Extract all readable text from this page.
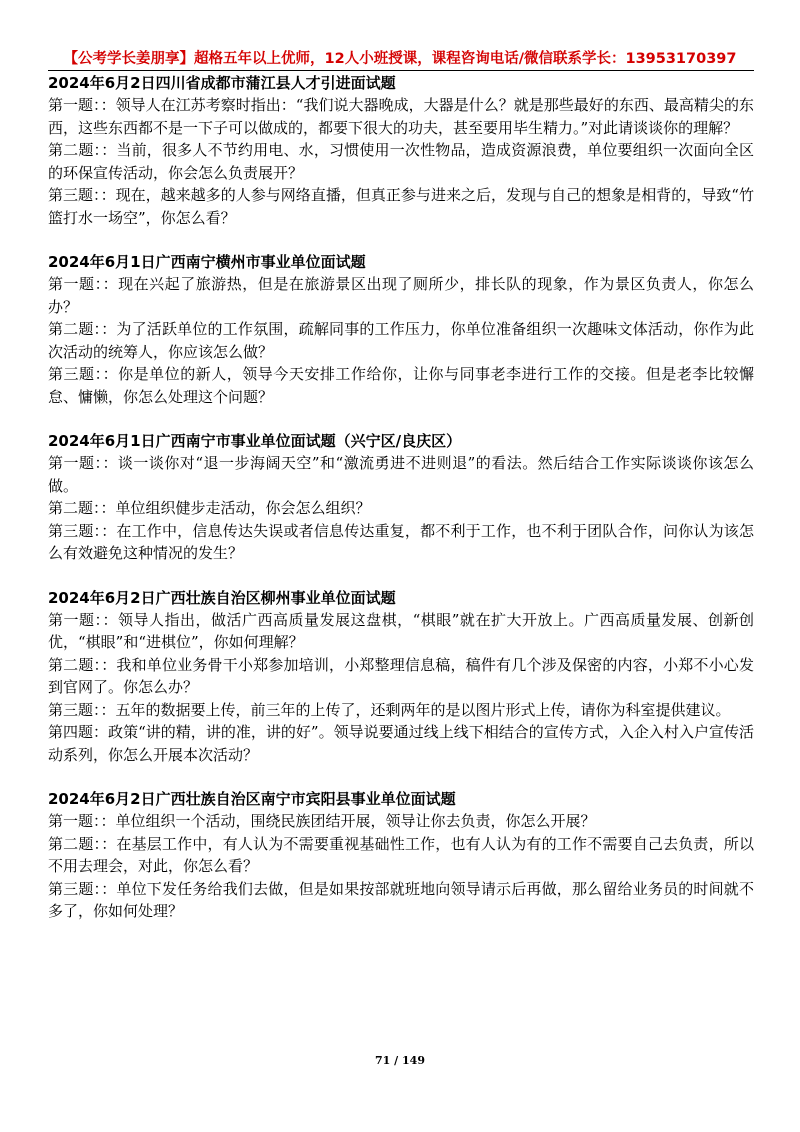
【公考学长姜朋享】超格五年以上优师，12人小班授课，课程咨询电话/微信联系学长：13953170397

2024年6月2日四川省成都市蒲江县人才引进面试题

第一题：：领导人在江苏考察时指出：“我们说大器晚成，大器是什么？就是那些最好的东西、最高精尖的东西，这些东西都不是一下子可以做成的，都要下很大的功夫，甚至要用毕生精力。”对此请谈谈你的理解？

第二题：：当前，很多人不节约用电、水，习惯使用一次性物品，造成资源浪费，单位要组织一次面向全区的环保宣传活动，你会怎么负责展开？

第三题：：现在，越来越多的人参与网络直播，但真正参与进来之后，发现与自己的想象是相背的，导致“竹篮打水一场空”，你怎么看？

2024年6月1日广西南宁横州市事业单位面试题

第一题：：现在兴起了旅游热，但是在旅游景区出现了厕所少，排长队的现象，作为景区负责人，你怎么办？

第二题：：为了活跃单位的工作氛围，疏解同事的工作压力，你单位准备组织一次趣味文体活动，你作为此次活动的统筹人，你应该怎么做？

第三题：：你是单位的新人，领导今天安排工作给你，让你与同事老李进行工作的交接。但是老李比较懈怠、慵懒，你怎么处理这个问题？

2024年6月1日广西南宁市事业单位面试题（兴宁区/良庆区）

第一题：：谈一谈你对“退一步海阔天空”和“激流勇进不进则退”的看法。然后结合工作实际谈谈你该怎么做。

第二题：：单位组织健步走活动，你会怎么组织？

第三题：：在工作中，信息传达失误或者信息传达重复，都不利于工作，也不利于团队合作，问你认为该怎么有效避免这种情况的发生？

2024年6月2日广西壮族自治区柳州事业单位面试题

第一题：：领导人指出，做活广西高质量发展这盘棋，“棋眼”就在扩大开放上。广西高质量发展、创新创优，“棋眼”和“进棋位”，你如何理解？

第二题：：我和单位业务骨干小郑参加培训，小郑整理信息稿，稿件有几个涉及保密的内容，小郑不小心发到官网了。你怎么办？

第三题：：五年的数据要上传，前三年的上传了，还剩两年的是以图片形式上传，请你为科室提供建议。

第四题：政策“讲的精，讲的准，讲的好”。领导说要通过线上线下相结合的宣传方式，入企入村入户宣传活动系列，你怎么开展本次活动？

2024年6月2日广西壮族自治区南宁市宾阳县事业单位面试题

第一题：：单位组织一个活动，围绕民族团结开展，领导让你去负责，你怎么开展？

第二题：：在基层工作中，有人认为不需要重视基础性工作，也有人认为有的工作不需要自己去负责，所以不用去理会，对此，你怎么看？

第三题：：单位下发任务给我们去做，但是如果按部就班地向领导请示后再做，那么留给业务员的时间就不多了，你如何处理？

71 / 149
